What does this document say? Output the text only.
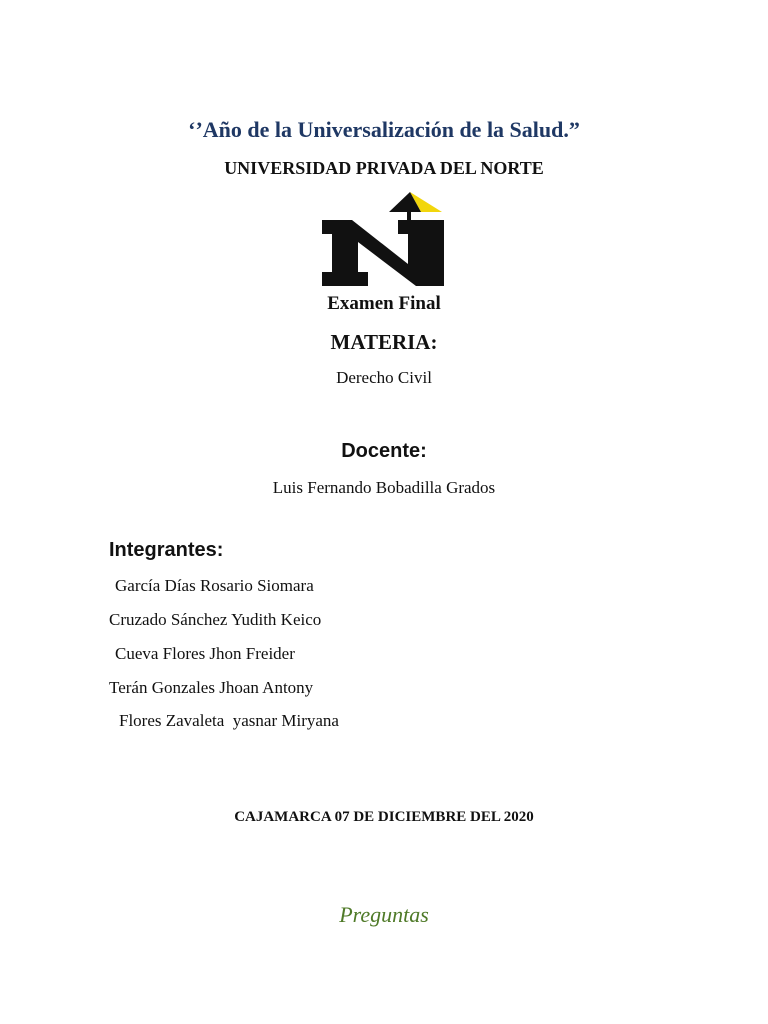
‘’Año de la Universalización de la Salud.”
UNIVERSIDAD PRIVADA DEL NORTE
Examen Final
MATERIA:
Derecho Civil
Docente:
Luis Fernando Bobadilla Grados
Integrantes:
García Días Rosario Siomara
Cruzado Sánchez Yudith Keico
Cueva Flores Jhon Freider
Terán Gonzales Jhoan Antony
Flores Zavaleta  yasnar Miryana
CAJAMARCA 07 DE DICIEMBRE DEL 2020
Preguntas
